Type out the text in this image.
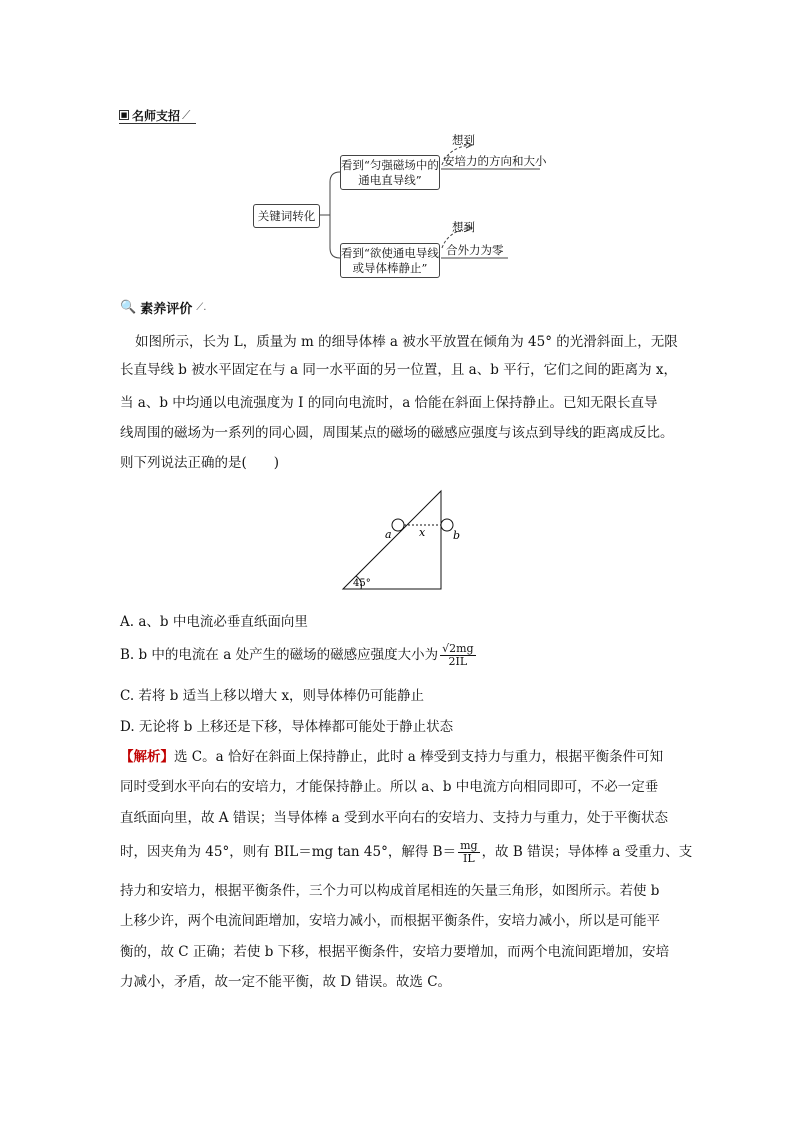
■ 名师支招 ⟋
关键词转化
看到“匀强磁场中的
通电直导线”
看到“欲使通电导线
或导体棒静止”
想到
安培力的方向和大小
想到
合外力为零
🔍 素养评价 ⟋.
如图所示，长为 L，质量为 m 的细导体棒 a 被水平放置在倾角为 45° 的光滑斜面上，无限
长直导线 b 被水平固定在与 a 同一水平面的另一位置，且 a、b 平行，它们之间的距离为 x，
当 a、b 中均通以电流强度为 I 的同向电流时，a 恰能在斜面上保持静止。已知无限长直导
线周围的磁场为一系列的同心圆，周围某点的磁场的磁感应强度与该点到导线的距离成反比。
则下列说法正确的是(　　)
a x	b
45°
A. a、b 中电流必垂直纸面向里
B. b 中的电流在 a 处产生的磁场的磁感应强度大小为 $\frac{√2mg}{2IL}$
C. 若将 b 适当上移以增大 x，则导体棒仍可能静止
D. 无论将 b 上移还是下移，导体棒都可能处于静止状态
【解析】选 C。a 恰好在斜面上保持静止，此时 a 棒受到支持力与重力，根据平衡条件可知
同时受到水平向右的安培力，才能保持静止。所以 a、b 中电流方向相同即可，不必一定垂
直纸面向里，故 A 错误；当导体棒 a 受到水平向右的安培力、支持力与重力，处于平衡状态
时，因夹角为 45°，则有 BIL＝mg tan 45°，解得 $B= \frac{mg}{IL}$ ，故 B 错误；导体棒 a 受重力、支
持力和安培力，根据平衡条件，三个力可以构成首尾相连的矢量三角形，如图所示。若使 b
上移少许，两个电流间距增加，安培力减小，而根据平衡条件，安培力减小，所以是可能平
衡的，故 C 正确；若使 b 下移，根据平衡条件，安培力要增加，而两个电流间距增加，安培
力减小，矛盾，故一定不能平衡，故 D 错误。故选 C。
